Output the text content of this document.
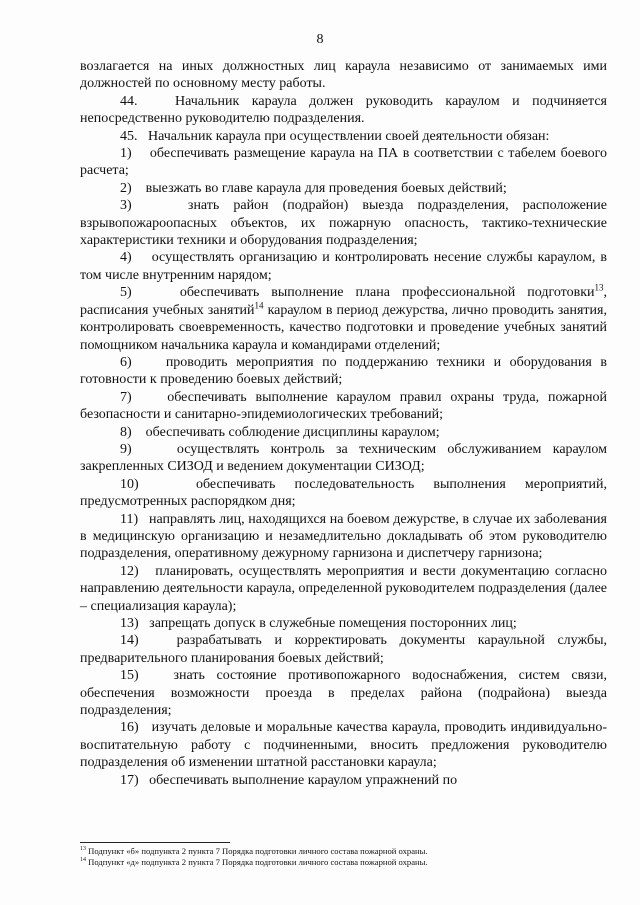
8

возлагается на иных должностных лиц караула независимо от занимаемых ими должностей по основному месту работы.

44.   Начальник караула должен руководить караулом и подчиняется непосредственно руководителю подразделения.

45.   Начальник караула при осуществлении своей деятельности обязан:

1)    обеспечивать размещение караула на ПА в соответствии с табелем боевого расчета;

2)    выезжать во главе караула для проведения боевых действий;

3)    знать район (подрайон) выезда подразделения, расположение взрывопожароопасных объектов, их пожарную опасность, тактико-технические характеристики техники и оборудования подразделения;

4)    осуществлять организацию и контролировать несение службы караулом, в том числе внутренним нарядом;

5)    обеспечивать выполнение плана профессиональной подготовки$^{13}$, расписания учебных занятий$^{14}$ караулом в период дежурства, лично проводить занятия, контролировать своевременность, качество подготовки и проведение учебных занятий помощником начальника караула и командирами отделений;

6)    проводить мероприятия по поддержанию техники и оборудования в готовности к проведению боевых действий;

7)    обеспечивать выполнение караулом правил охраны труда, пожарной безопасности и санитарно-эпидемиологических требований;

8)    обеспечивать соблюдение дисциплины караулом;

9)    осуществлять контроль за техническим обслуживанием караулом закрепленных СИЗОД и ведением документации СИЗОД;

10)   обеспечивать последовательность выполнения мероприятий, предусмотренных распорядком дня;

11)   направлять лиц, находящихся на боевом дежурстве, в случае их заболевания в медицинскую организацию и незамедлительно докладывать об этом руководителю подразделения, оперативному дежурному гарнизона и диспетчеру гарнизона;

12)   планировать, осуществлять мероприятия и вести документацию согласно направлению деятельности караула, определенной руководителем подразделения (далее – специализация караула);

13)   запрещать допуск в служебные помещения посторонних лиц;

14)   разрабатывать и корректировать документы караульной службы, предварительного планирования боевых действий;

15)   знать состояние противопожарного водоснабжения, систем связи, обеспечения возможности проезда в пределах района (подрайона) выезда подразделения;

16)   изучать деловые и моральные качества караула, проводить индивидуально-воспитательную работу с подчиненными, вносить предложения руководителю подразделения об изменении штатной расстановки караула;

17)   обеспечивать выполнение караулом упражнений по

$^{13}$ Подпункт «б» подпункта 2 пункта 7 Порядка подготовки личного состава пожарной охраны.

$^{14}$ Подпункт «д» подпункта 2 пункта 7 Порядка подготовки личного состава пожарной охраны.
